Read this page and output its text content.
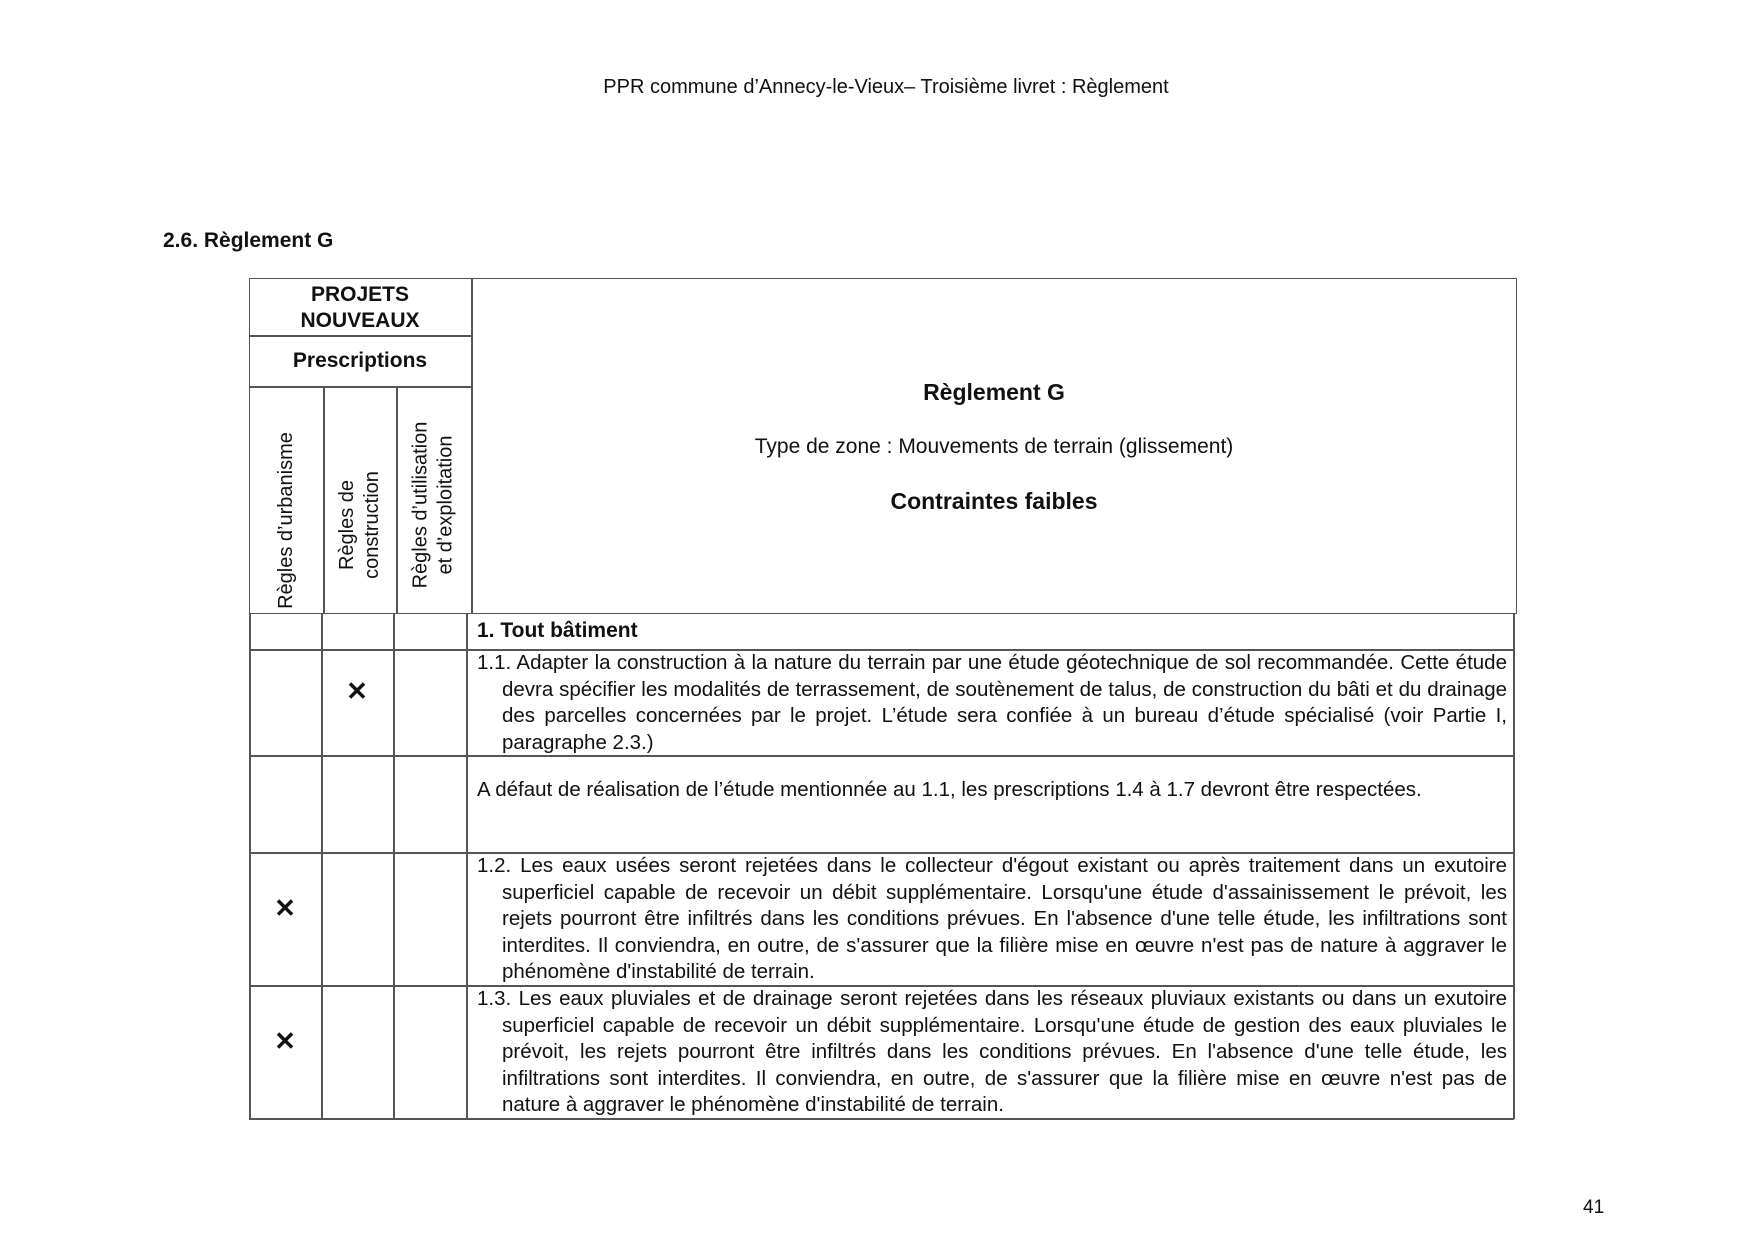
PPR commune d’Annecy-le-Vieux– Troisième livret : Règlement
2.6. Règlement G
41
PROJETS NOUVEAUX
Prescriptions
Règles d’urbanisme Règles de construction Règles d’utilisation et d’exploitation
Règlement G
Type de zone : Mouvements de terrain (glissement)
Contraintes faibles
1. Tout bâtiment
✕
1.1. Adapter la construction à la nature du terrain par une étude géotechnique de sol recommandée. Cette étude devra spécifier les modalités de terrassement, de soutènement de talus, de construction du bâti et du drainage des parcelles concernées par le projet. L’étude sera confiée à un bureau d’étude spécialisé (voir Partie I, paragraphe 2.3.)
A défaut de réalisation de l’étude mentionnée au 1.1, les prescriptions 1.4 à 1.7 devront être respectées.
✕
1.2. Les eaux usées seront rejetées dans le collecteur d'égout existant ou après traitement dans un exutoire superficiel capable de recevoir un débit supplémentaire. Lorsqu'une étude d'assainissement le prévoit, les rejets pourront être infiltrés dans les conditions prévues. En l'absence d'une telle étude, les infiltrations sont interdites. Il conviendra, en outre, de s'assurer que la filière mise en œuvre n'est pas de nature à aggraver le phénomène d'instabilité de terrain.
✕
1.3. Les eaux pluviales et de drainage seront rejetées dans les réseaux pluviaux existants ou dans un exutoire superficiel capable de recevoir un débit supplémentaire. Lorsqu'une étude de gestion des eaux pluviales le prévoit, les rejets pourront être infiltrés dans les conditions prévues. En l'absence d'une telle étude, les infiltrations sont interdites. Il conviendra, en outre, de s'assurer que la filière mise en œuvre n'est pas de nature à aggraver le phénomène d'instabilité de terrain.
